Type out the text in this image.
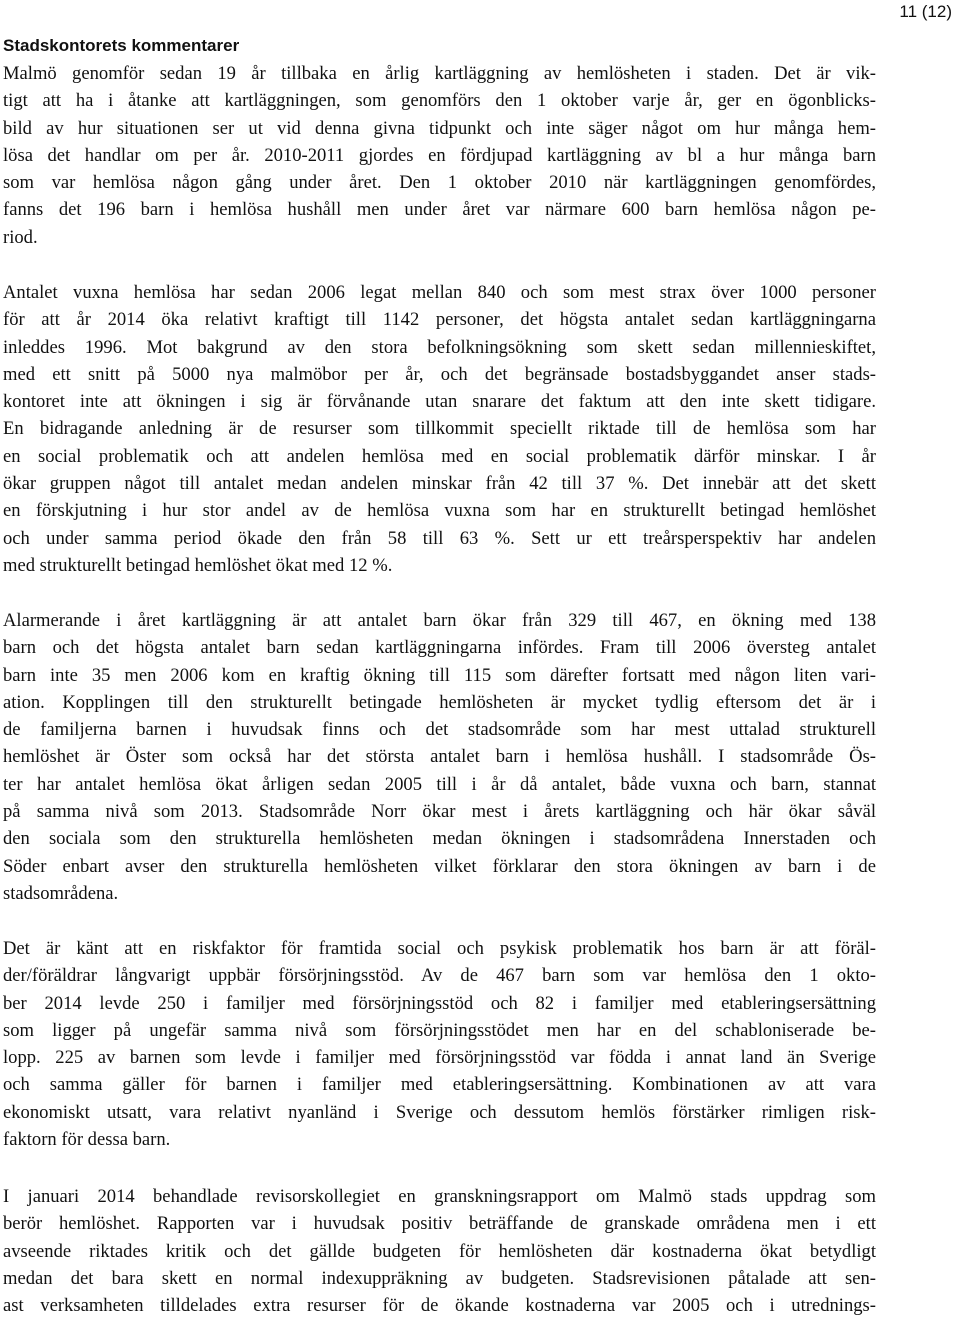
11 (12)
Stadskontorets kommentarer
Malmö genomför sedan 19 år tillbaka en årlig kartläggning av hemlösheten i staden. Det är vik-
tigt att ha i åtanke att kartläggningen, som genomförs den 1 oktober varje år, ger en ögonblicks-
bild av hur situationen ser ut vid denna givna tidpunkt och inte säger något om hur många hem-
lösa det handlar om per år. 2010-2011 gjordes en fördjupad kartläggning av bl a hur många barn
som var hemlösa någon gång under året. Den 1 oktober 2010 när kartläggningen genomfördes,
fanns det 196 barn i hemlösa hushåll men under året var närmare 600 barn hemlösa någon pe-
riod.
Antalet vuxna hemlösa har sedan 2006 legat mellan 840 och som mest strax över 1000 personer
för att år 2014 öka relativt kraftigt till 1142 personer, det högsta antalet sedan kartläggningarna
inleddes 1996. Mot bakgrund av den stora befolkningsökning som skett sedan millennieskiftet,
med ett snitt på 5000 nya malmöbor per år, och det begränsade bostadsbyggandet anser stads-
kontoret inte att ökningen i sig är förvånande utan snarare det faktum att den inte skett tidigare.
En bidragande anledning är de resurser som tillkommit speciellt riktade till de hemlösa som har
en social problematik och att andelen hemlösa med en social problematik därför minskar. I år
ökar gruppen något till antalet medan andelen minskar från 42 till 37 %. Det innebär att det skett
en förskjutning i hur stor andel av de hemlösa vuxna som har en strukturellt betingad hemlöshet
och under samma period ökade den från 58 till 63 %. Sett ur ett treårsperspektiv har andelen
med strukturellt betingad hemlöshet ökat med 12 %.
Alarmerande i året kartläggning är att antalet barn ökar från 329 till 467, en ökning med 138
barn och det högsta antalet barn sedan kartläggningarna infördes. Fram till 2006 översteg antalet
barn inte 35 men 2006 kom en kraftig ökning till 115 som därefter fortsatt med någon liten vari-
ation. Kopplingen till den strukturellt betingade hemlösheten är mycket tydlig eftersom det är i
de familjerna barnen i huvudsak finns och det stadsområde som har mest uttalad strukturell
hemlöshet är Öster som också har det största antalet barn i hemlösa hushåll. I stadsområde Ös-
ter har antalet hemlösa ökat årligen sedan 2005 till i år då antalet, både vuxna och barn, stannat
på samma nivå som 2013. Stadsområde Norr ökar mest i årets kartläggning och här ökar såväl
den sociala som den strukturella hemlösheten medan ökningen i stadsområdena Innerstaden och
Söder enbart avser den strukturella hemlösheten vilket förklarar den stora ökningen av barn i de
stadsområdena.
Det är känt att en riskfaktor för framtida social och psykisk problematik hos barn är att föräl-
der/föräldrar långvarigt uppbär försörjningsstöd. Av de 467 barn som var hemlösa den 1 okto-
ber 2014 levde 250 i familjer med försörjningsstöd och 82 i familjer med etableringsersättning
som ligger på ungefär samma nivå som försörjningsstödet men har en del schabloniserade be-
lopp. 225 av barnen som levde i familjer med försörjningsstöd var födda i annat land än Sverige
och samma gäller för barnen i familjer med etableringsersättning. Kombinationen av att vara
ekonomiskt utsatt, vara relativt nyanländ i Sverige och dessutom hemlös förstärker rimligen risk-
faktorn för dessa barn.
I januari 2014 behandlade revisorskollegiet en granskningsrapport om Malmö stads uppdrag som
berör hemlöshet. Rapporten var i huvudsak positiv beträffande de granskade områdena men i ett
avseende riktades kritik och det gällde budgeten för hemlösheten där kostnaderna ökat betydligt
medan det bara skett en normal indexuppräkning av budgeten. Stadsrevisionen påtalade att sen-
ast verksamheten tilldelades extra resurser för de ökande kostnaderna var 2005 och i utrednings-
